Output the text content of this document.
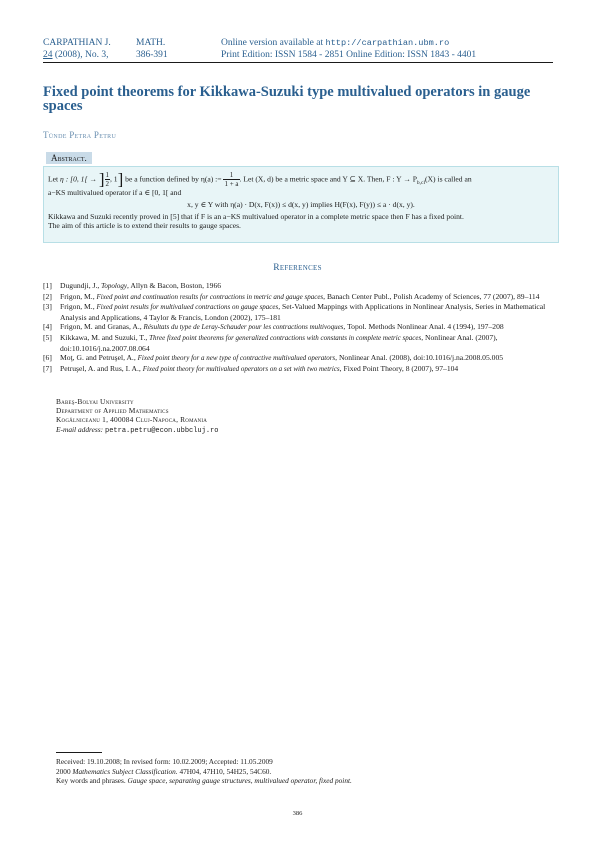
CARPATHIAN J.
24 (2008), No. 3,
MATH.
386-391
Online version available at http://carpathian.ubm.ro
Print Edition: ISSN 1584 - 2851 Online Edition: ISSN 1843 - 4401
Fixed point theorems for Kikkawa-Suzuki type multivalued operators in gauge spaces
Tünde Petra Petru
Abstract.
Let η : [0, 1[ → ] $\frac{1}{2}$ , 1] be a function defined by η(a) := $\frac{1}{1 + a}$ . Let (X, d) be a metric space and Y ⊆ X. Then, F : $Y \to P_{b,cl}(X)$ is called an
a−KS multivalued operator if a ∈ [0, 1[ and
x, y ∈ Y with η(a) · D(x, F(x)) ≤ d(x, y) implies H(F(x), F(y)) ≤ a · d(x, y).
Kikkawa and Suzuki recently proved in [5] that if F is an a−KS multivalued operator in a complete metric space then F has a fixed point.
The aim of this article is to extend their results to gauge spaces.
References
[1] Dugundji, J., Topology, Allyn & Bacon, Boston, 1966
[2] Frigon, M., Fixed point and continuation results for contractions in metric and gauge spaces, Banach Center Publ., Polish Academy of Sciences, 77 (2007), 89–114
[3] Frigon, M., Fixed point results for multivalued contractions on gauge spaces, Set-Valued Mappings with Applications in Nonlinear Analysis, Series in Mathematical Analysis and Applications, 4 Taylor & Francis, London (2002), 175–181
[4] Frigon, M. and Granas, A., Résultats du type de Leray-Schauder pour les contractions multivoques, Topol. Methods Nonlinear Anal. 4 (1994), 197–208
[5] Kikkawa, M. and Suzuki, T., Three fixed point theorems for generalized contractions with constants in complete metric spaces, Nonlinear Anal. (2007), doi:10.1016/j.na.2007.08.064
[6] Moţ, G. and Petruşel, A., Fixed point theory for a new type of contractive multivalued operators, Nonlinear Anal. (2008), doi:10.1016/j.na.2008.05.005
[7] Petruşel, A. and Rus, I. A., Fixed point theory for multivalued operators on a set with two metrics, Fixed Point Theory, 8 (2007), 97–104
Babeş-Bolyai University
Department of Applied Mathematics
Kogălniceanu 1, 400084 Cluj-Napoca, Romania
E-mail address: petra.petru@econ.ubbcluj.ro
Received: 19.10.2008; In revised form: 10.02.2009; Accepted: 11.05.2009
2000 Mathematics Subject Classification. 47H04, 47H10, 54H25, 54C60.
Key words and phrases. Gauge space, separating gauge structures, multivalued operator, fixed point.
386
